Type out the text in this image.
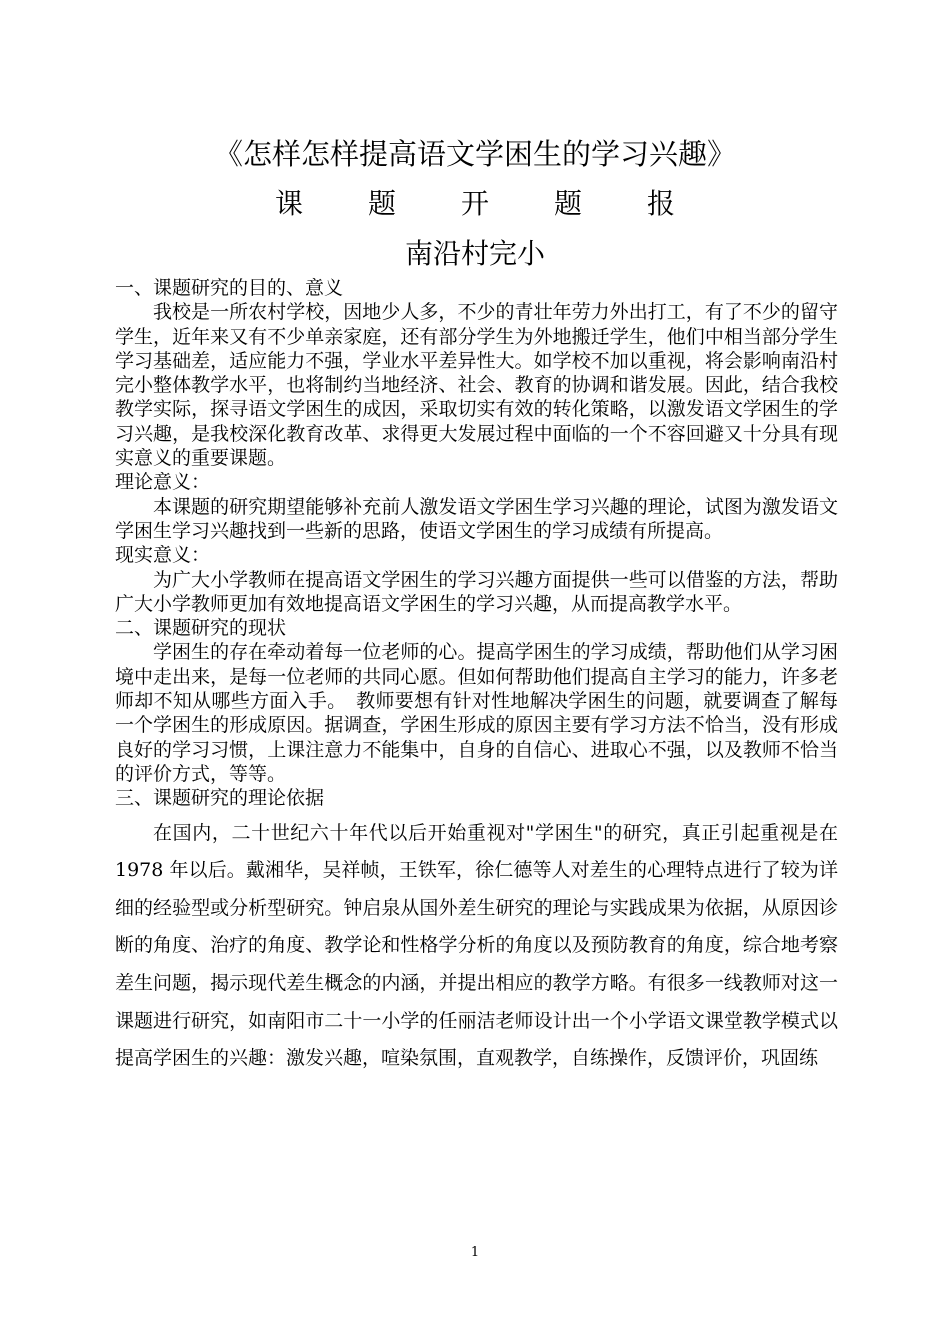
《怎样怎样提高语文学困生的学习兴趣》
课题开题报
南沿村完小

一、课题研究的目的、意义

我校是一所农村学校，因地少人多，不少的青壮年劳力外出打工，有了不少的留守学生，近年来又有不少单亲家庭，还有部分学生为外地搬迁学生，他们中相当部分学生学习基础差，适应能力不强，学业水平差异性大。如学校不加以重视，将会影响南沿村完小整体教学水平，也将制约当地经济、社会、教育的协调和谐发展。因此，结合我校教学实际，探寻语文学困生的成因，采取切实有效的转化策略，以激发语文学困生的学习兴趣，是我校深化教育改革、求得更大发展过程中面临的一个不容回避又十分具有现实意义的重要课题。

理论意义：

本课题的研究期望能够补充前人激发语文学困生学习兴趣的理论，试图为激发语文学困生学习兴趣找到一些新的思路，使语文学困生的学习成绩有所提高。

现实意义：

为广大小学教师在提高语文学困生的学习兴趣方面提供一些可以借鉴的方法，帮助广大小学教师更加有效地提高语文学困生的学习兴趣，从而提高教学水平。

二、课题研究的现状

学困生的存在牵动着每一位老师的心。提高学困生的学习成绩，帮助他们从学习困境中走出来，是每一位老师的共同心愿。但如何帮助他们提高自主学习的能力，许多老师却不知从哪些方面入手。　教师要想有针对性地解决学困生的问题，就要调查了解每一个学困生的形成原因。据调查，学困生形成的原因主要有学习方法不恰当，没有形成良好的学习习惯，上课注意力不能集中，自身的自信心、进取心不强，以及教师不恰当的评价方式，等等。

三、课题研究的理论依据

在国内，二十世纪六十年代以后开始重视对"学困生"的研究，真正引起重视是在 1978 年以后。戴湘华，吴祥帧，王铁军，徐仁德等人对差生的心理特点进行了较为详细的经验型或分析型研究。钟启泉从国外差生研究的理论与实践成果为依据，从原因诊断的角度、治疗的角度、教学论和性格学分析的角度以及预防教育的角度，综合地考察差生问题，揭示现代差生概念的内涵，并提出相应的教学方略。有很多一线教师对这一课题进行研究，如南阳市二十一小学的任丽洁老师设计出一个小学语文课堂教学模式以提高学困生的兴趣：激发兴趣，喧染氛围，直观教学，自练操作，反馈评价，巩固练

1
